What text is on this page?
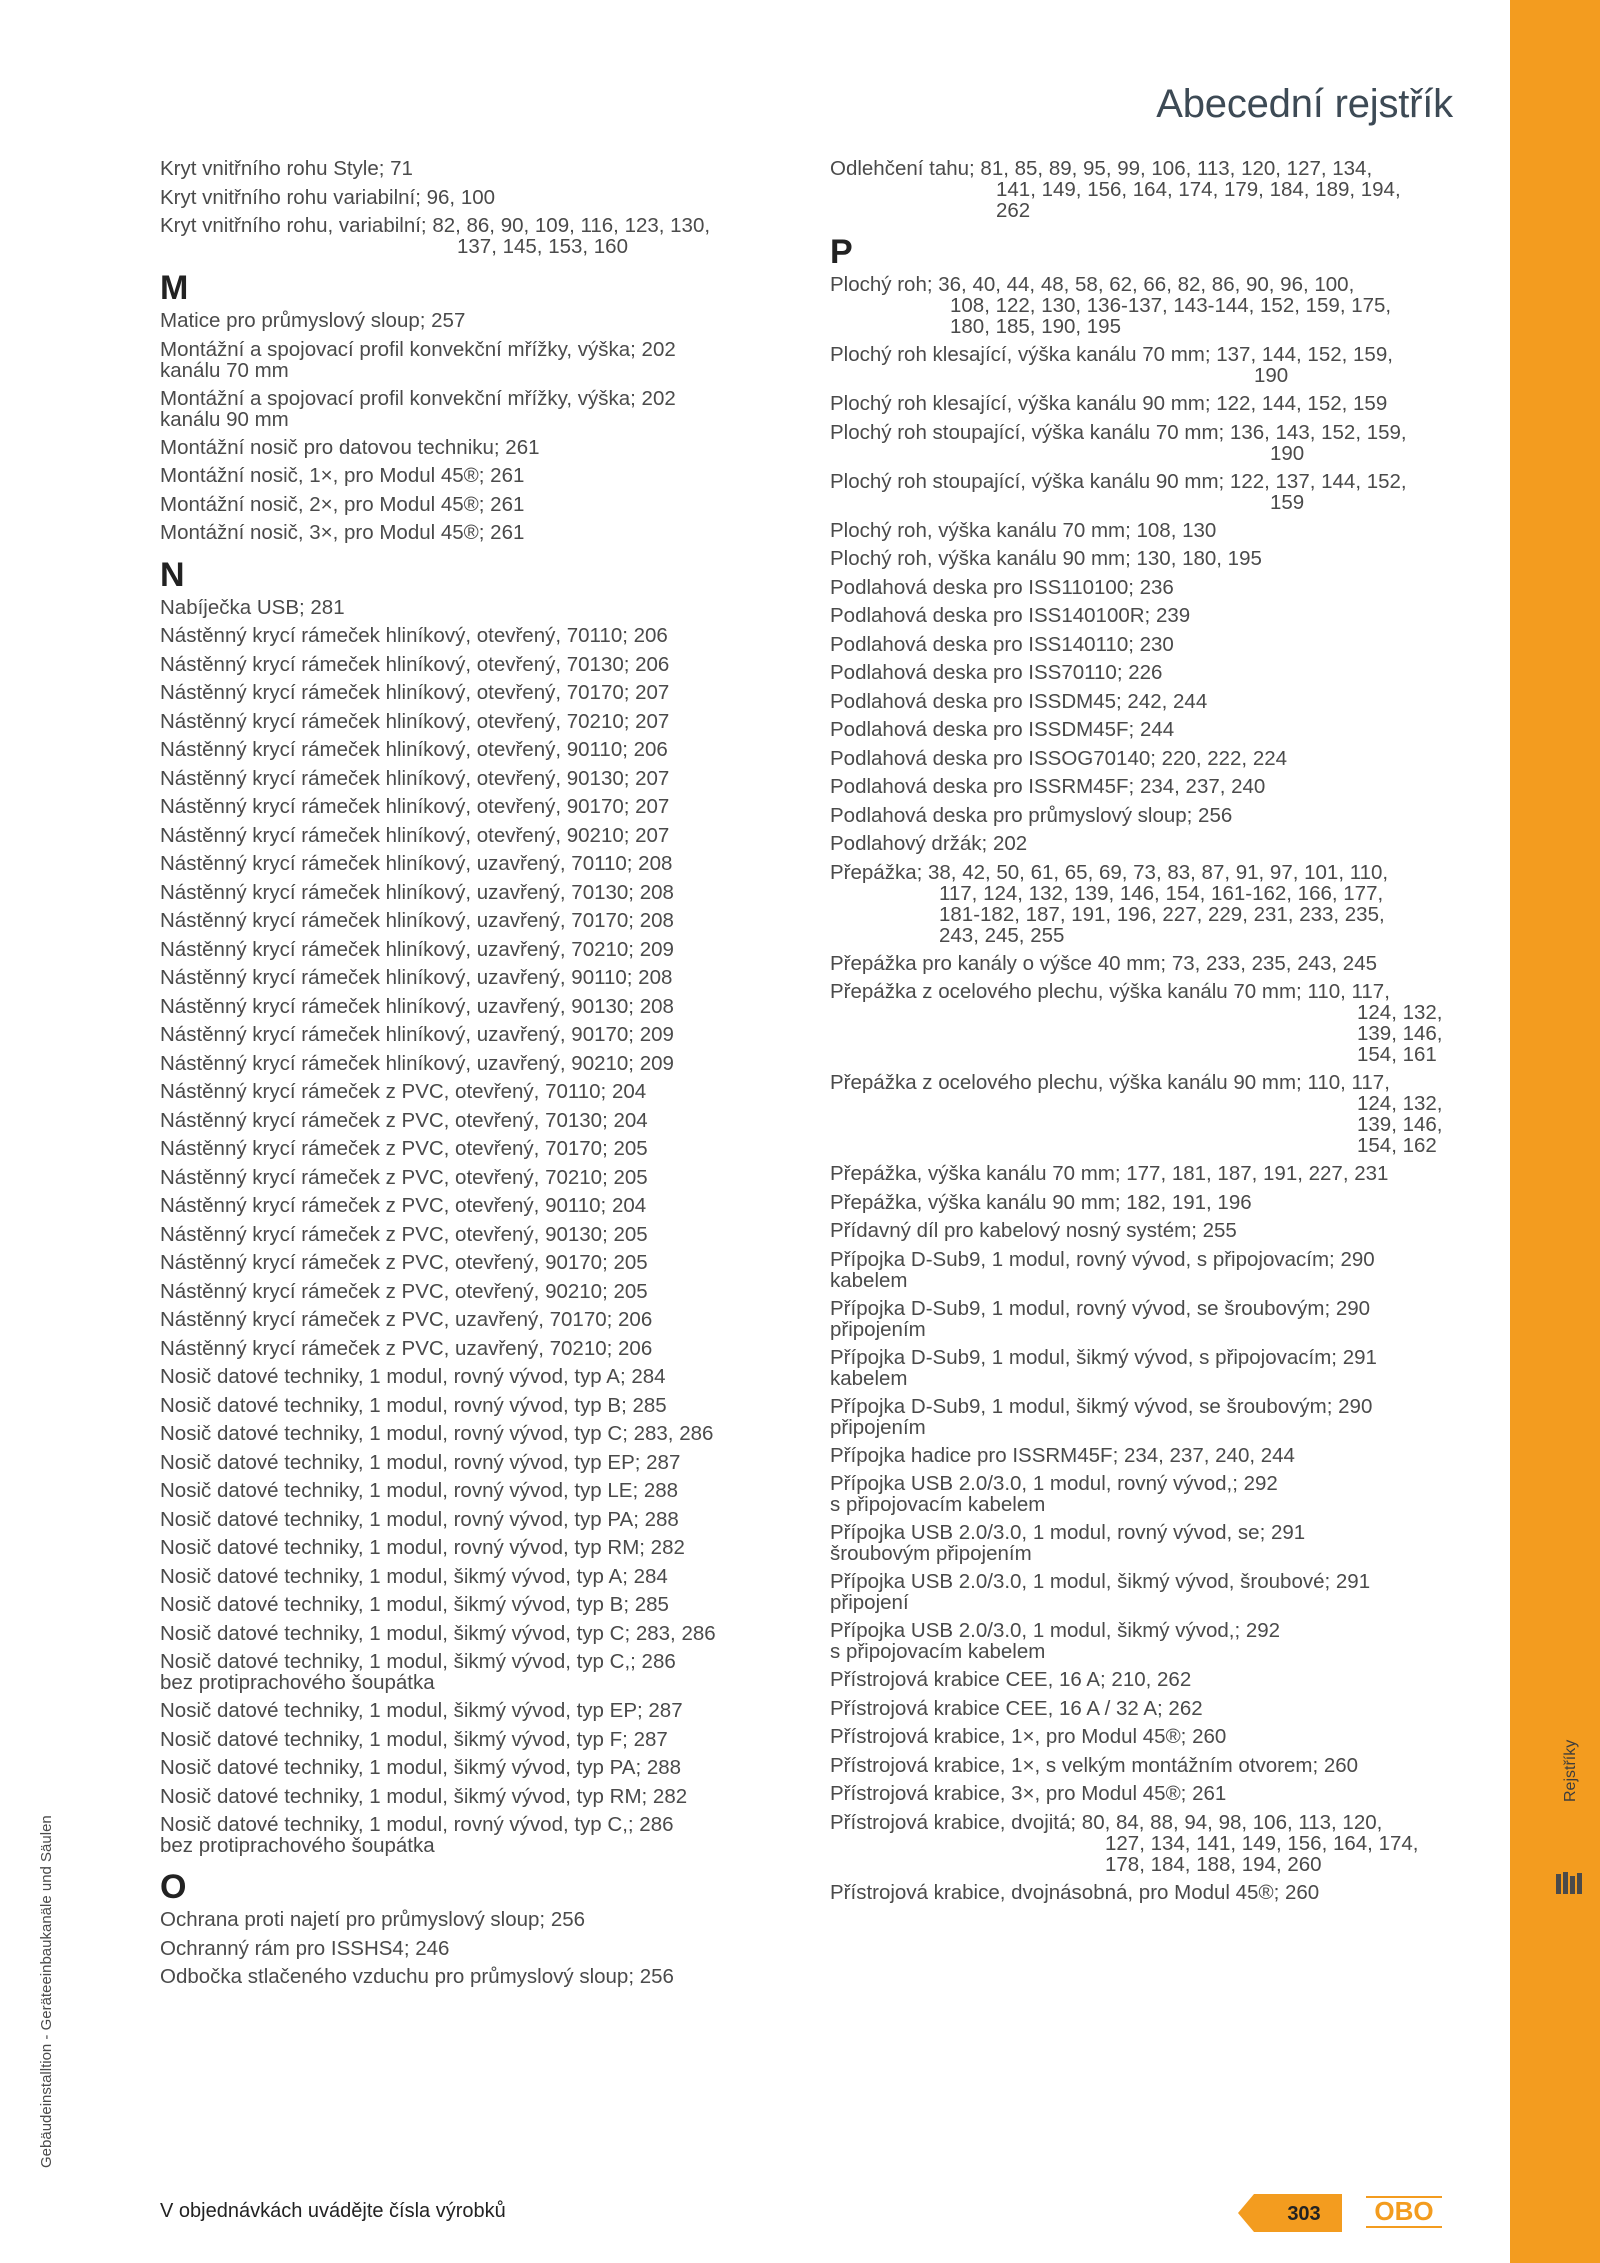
Rejstříky
Gebäudeinstalltion - Geräteeinbaukanäle und Säulen
Abecední rejstřík
Kryt vnitřního rohu Style; 71
Kryt vnitřního rohu variabilní; 96, 100
Kryt vnitřního rohu, variabilní; 82, 86, 90, 109, 116, 123, 130,
137, 145, 153, 160
M
Matice pro průmyslový sloup; 257
Montážní a spojovací profil konvekční mřížky, výška; 202
kanálu 70 mm
Montážní a spojovací profil konvekční mřížky, výška; 202
kanálu 90 mm
Montážní nosič pro datovou techniku; 261
Montážní nosič, 1×, pro Modul 45®; 261
Montážní nosič, 2×, pro Modul 45®; 261
Montážní nosič, 3×, pro Modul 45®; 261
N
Nabíječka USB; 281
Nástěnný krycí rámeček hliníkový, otevřený, 70110; 206
Nástěnný krycí rámeček hliníkový, otevřený, 70130; 206
Nástěnný krycí rámeček hliníkový, otevřený, 70170; 207
Nástěnný krycí rámeček hliníkový, otevřený, 70210; 207
Nástěnný krycí rámeček hliníkový, otevřený, 90110; 206
Nástěnný krycí rámeček hliníkový, otevřený, 90130; 207
Nástěnný krycí rámeček hliníkový, otevřený, 90170; 207
Nástěnný krycí rámeček hliníkový, otevřený, 90210; 207
Nástěnný krycí rámeček hliníkový, uzavřený, 70110; 208
Nástěnný krycí rámeček hliníkový, uzavřený, 70130; 208
Nástěnný krycí rámeček hliníkový, uzavřený, 70170; 208
Nástěnný krycí rámeček hliníkový, uzavřený, 70210; 209
Nástěnný krycí rámeček hliníkový, uzavřený, 90110; 208
Nástěnný krycí rámeček hliníkový, uzavřený, 90130; 208
Nástěnný krycí rámeček hliníkový, uzavřený, 90170; 209
Nástěnný krycí rámeček hliníkový, uzavřený, 90210; 209
Nástěnný krycí rámeček z PVC, otevřený, 70110; 204
Nástěnný krycí rámeček z PVC, otevřený, 70130; 204
Nástěnný krycí rámeček z PVC, otevřený, 70170; 205
Nástěnný krycí rámeček z PVC, otevřený, 70210; 205
Nástěnný krycí rámeček z PVC, otevřený, 90110; 204
Nástěnný krycí rámeček z PVC, otevřený, 90130; 205
Nástěnný krycí rámeček z PVC, otevřený, 90170; 205
Nástěnný krycí rámeček z PVC, otevřený, 90210; 205
Nástěnný krycí rámeček z PVC, uzavřený, 70170; 206
Nástěnný krycí rámeček z PVC, uzavřený, 70210; 206
Nosič datové techniky, 1 modul, rovný vývod, typ A; 284
Nosič datové techniky, 1 modul, rovný vývod, typ B; 285
Nosič datové techniky, 1 modul, rovný vývod, typ C; 283, 286
Nosič datové techniky, 1 modul, rovný vývod, typ EP; 287
Nosič datové techniky, 1 modul, rovný vývod, typ LE; 288
Nosič datové techniky, 1 modul, rovný vývod, typ PA; 288
Nosič datové techniky, 1 modul, rovný vývod, typ RM; 282
Nosič datové techniky, 1 modul, šikmý vývod, typ A; 284
Nosič datové techniky, 1 modul, šikmý vývod, typ B; 285
Nosič datové techniky, 1 modul, šikmý vývod, typ C; 283, 286
Nosič datové techniky, 1 modul, šikmý vývod, typ C,; 286
bez protiprachového šoupátka
Nosič datové techniky, 1 modul, šikmý vývod, typ EP; 287
Nosič datové techniky, 1 modul, šikmý vývod, typ F; 287
Nosič datové techniky, 1 modul, šikmý vývod, typ PA; 288
Nosič datové techniky, 1 modul, šikmý vývod, typ RM; 282
Nosič datové techniky, 1 modul, rovný vývod, typ C,; 286
bez protiprachového šoupátka
O
Ochrana proti najetí pro průmyslový sloup; 256
Ochranný rám pro ISSHS4; 246
Odbočka stlačeného vzduchu pro průmyslový sloup; 256
Odlehčení tahu; 81, 85, 89, 95, 99, 106, 113, 120, 127, 134,
141, 149, 156, 164, 174, 179, 184, 189, 194,
262
P
Plochý roh; 36, 40, 44, 48, 58, 62, 66, 82, 86, 90, 96, 100,
108, 122, 130, 136-137, 143-144, 152, 159, 175,
180, 185, 190, 195
Plochý roh klesající, výška kanálu 70 mm; 137, 144, 152, 159,
190
Plochý roh klesající, výška kanálu 90 mm; 122, 144, 152, 159
Plochý roh stoupající, výška kanálu 70 mm; 136, 143, 152, 159,
190
Plochý roh stoupající, výška kanálu 90 mm; 122, 137, 144, 152,
159
Plochý roh, výška kanálu 70 mm; 108, 130
Plochý roh, výška kanálu 90 mm; 130, 180, 195
Podlahová deska pro ISS110100; 236
Podlahová deska pro ISS140100R; 239
Podlahová deska pro ISS140110; 230
Podlahová deska pro ISS70110; 226
Podlahová deska pro ISSDM45; 242, 244
Podlahová deska pro ISSDM45F; 244
Podlahová deska pro ISSOG70140; 220, 222, 224
Podlahová deska pro ISSRM45F; 234, 237, 240
Podlahová deska pro průmyslový sloup; 256
Podlahový držák; 202
Přepážka; 38, 42, 50, 61, 65, 69, 73, 83, 87, 91, 97, 101, 110,
117, 124, 132, 139, 146, 154, 161-162, 166, 177,
181-182, 187, 191, 196, 227, 229, 231, 233, 235,
243, 245, 255
Přepážka pro kanály o výšce 40 mm; 73, 233, 235, 243, 245
Přepážka z ocelového plechu, výška kanálu 70 mm; 110, 117,
124, 132,
139, 146,
154, 161
Přepážka z ocelového plechu, výška kanálu 90 mm; 110, 117,
124, 132,
139, 146,
154, 162
Přepážka, výška kanálu 70 mm; 177, 181, 187, 191, 227, 231
Přepážka, výška kanálu 90 mm; 182, 191, 196
Přídavný díl pro kabelový nosný systém; 255
Přípojka D-Sub9, 1 modul, rovný vývod, s připojovacím; 290
kabelem
Přípojka D-Sub9, 1 modul, rovný vývod, se šroubovým; 290
připojením
Přípojka D-Sub9, 1 modul, šikmý vývod, s připojovacím; 291
kabelem
Přípojka D-Sub9, 1 modul, šikmý vývod, se šroubovým; 290
připojením
Přípojka hadice pro ISSRM45F; 234, 237, 240, 244
Přípojka USB 2.0/3.0, 1 modul, rovný vývod,; 292
s připojovacím kabelem
Přípojka USB 2.0/3.0, 1 modul, rovný vývod, se; 291
šroubovým připojením
Přípojka USB 2.0/3.0, 1 modul, šikmý vývod, šroubové; 291
připojení
Přípojka USB 2.0/3.0, 1 modul, šikmý vývod,; 292
s připojovacím kabelem
Přístrojová krabice CEE, 16 A; 210, 262
Přístrojová krabice CEE, 16 A / 32 A; 262
Přístrojová krabice, 1×, pro Modul 45®; 260
Přístrojová krabice, 1×, s velkým montážním otvorem; 260
Přístrojová krabice, 3×, pro Modul 45®; 261
Přístrojová krabice, dvojitá; 80, 84, 88, 94, 98, 106, 113, 120,
127, 134, 141, 149, 156, 164, 174,
178, 184, 188, 194, 260
Přístrojová krabice, dvojnásobná, pro Modul 45®; 260
V objednávkách uvádějte čísla výrobků	303	OBO
